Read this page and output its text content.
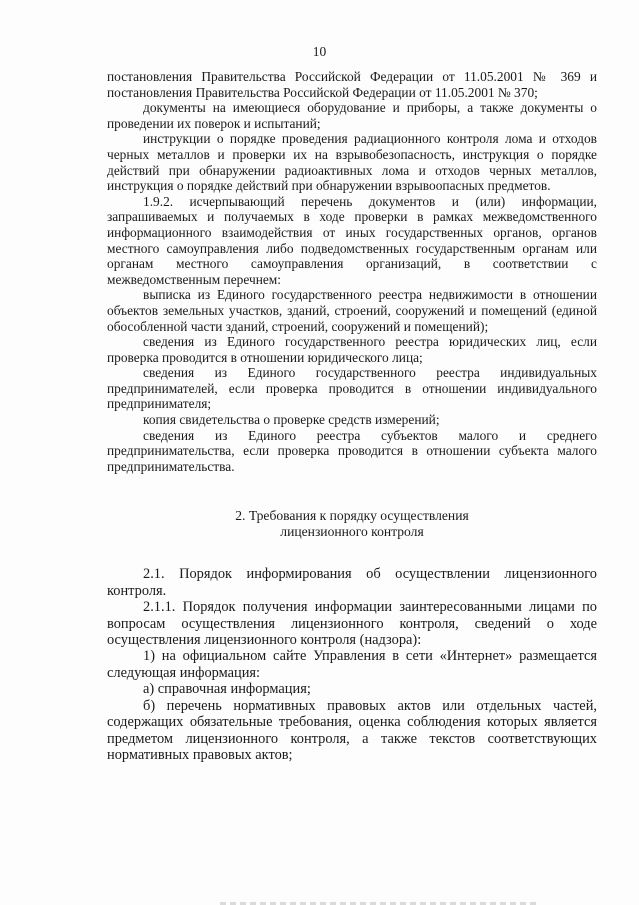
10

постановления Правительства Российской Федерации от 11.05.2001 № 369 и постановления Правительства Российской Федерации от 11.05.2001 № 370;

документы на имеющиеся оборудование и приборы, а также документы о проведении их поверок и испытаний;

инструкции о порядке проведения радиационного контроля лома и отходов черных металлов и проверки их на взрывобезопасность, инструкция о порядке действий при обнаружении радиоактивных лома и отходов черных металлов, инструкция о порядке действий при обнаружении взрывоопасных предметов.

1.9.2. исчерпывающий перечень документов и (или) информации, запрашиваемых и получаемых в ходе проверки в рамках межведомственного информационного взаимодействия от иных государственных органов, органов местного самоуправления либо подведомственных государственным органам или органам местного самоуправления организаций, в соответствии с межведомственным перечнем:

выписка из Единого государственного реестра недвижимости в отношении объектов земельных участков, зданий, строений, сооружений и помещений (единой обособленной части зданий, строений, сооружений и помещений);

сведения из Единого государственного реестра юридических лиц, если проверка проводится в отношении юридического лица;

сведения из Единого государственного реестра индивидуальных предпринимателей, если проверка проводится в отношении индивидуального предпринимателя;

копия свидетельства о проверке средств измерений;

сведения из Единого реестра субъектов малого и среднего предпринимательства, если проверка проводится в отношении субъекта малого предпринимательства.

2. Требования к порядку осуществления
лицензионного контроля

2.1. Порядок информирования об осуществлении лицензионного контроля.

2.1.1. Порядок получения информации заинтересованными лицами по вопросам осуществления лицензионного контроля, сведений о ходе осуществления лицензионного контроля (надзора):

1) на официальном сайте Управления в сети «Интернет» размещается следующая информация:

а) справочная информация;

б) перечень нормативных правовых актов или отдельных частей, содержащих обязательные требования, оценка соблюдения которых является предметом лицензионного контроля, а также текстов соответствующих нормативных правовых актов;
